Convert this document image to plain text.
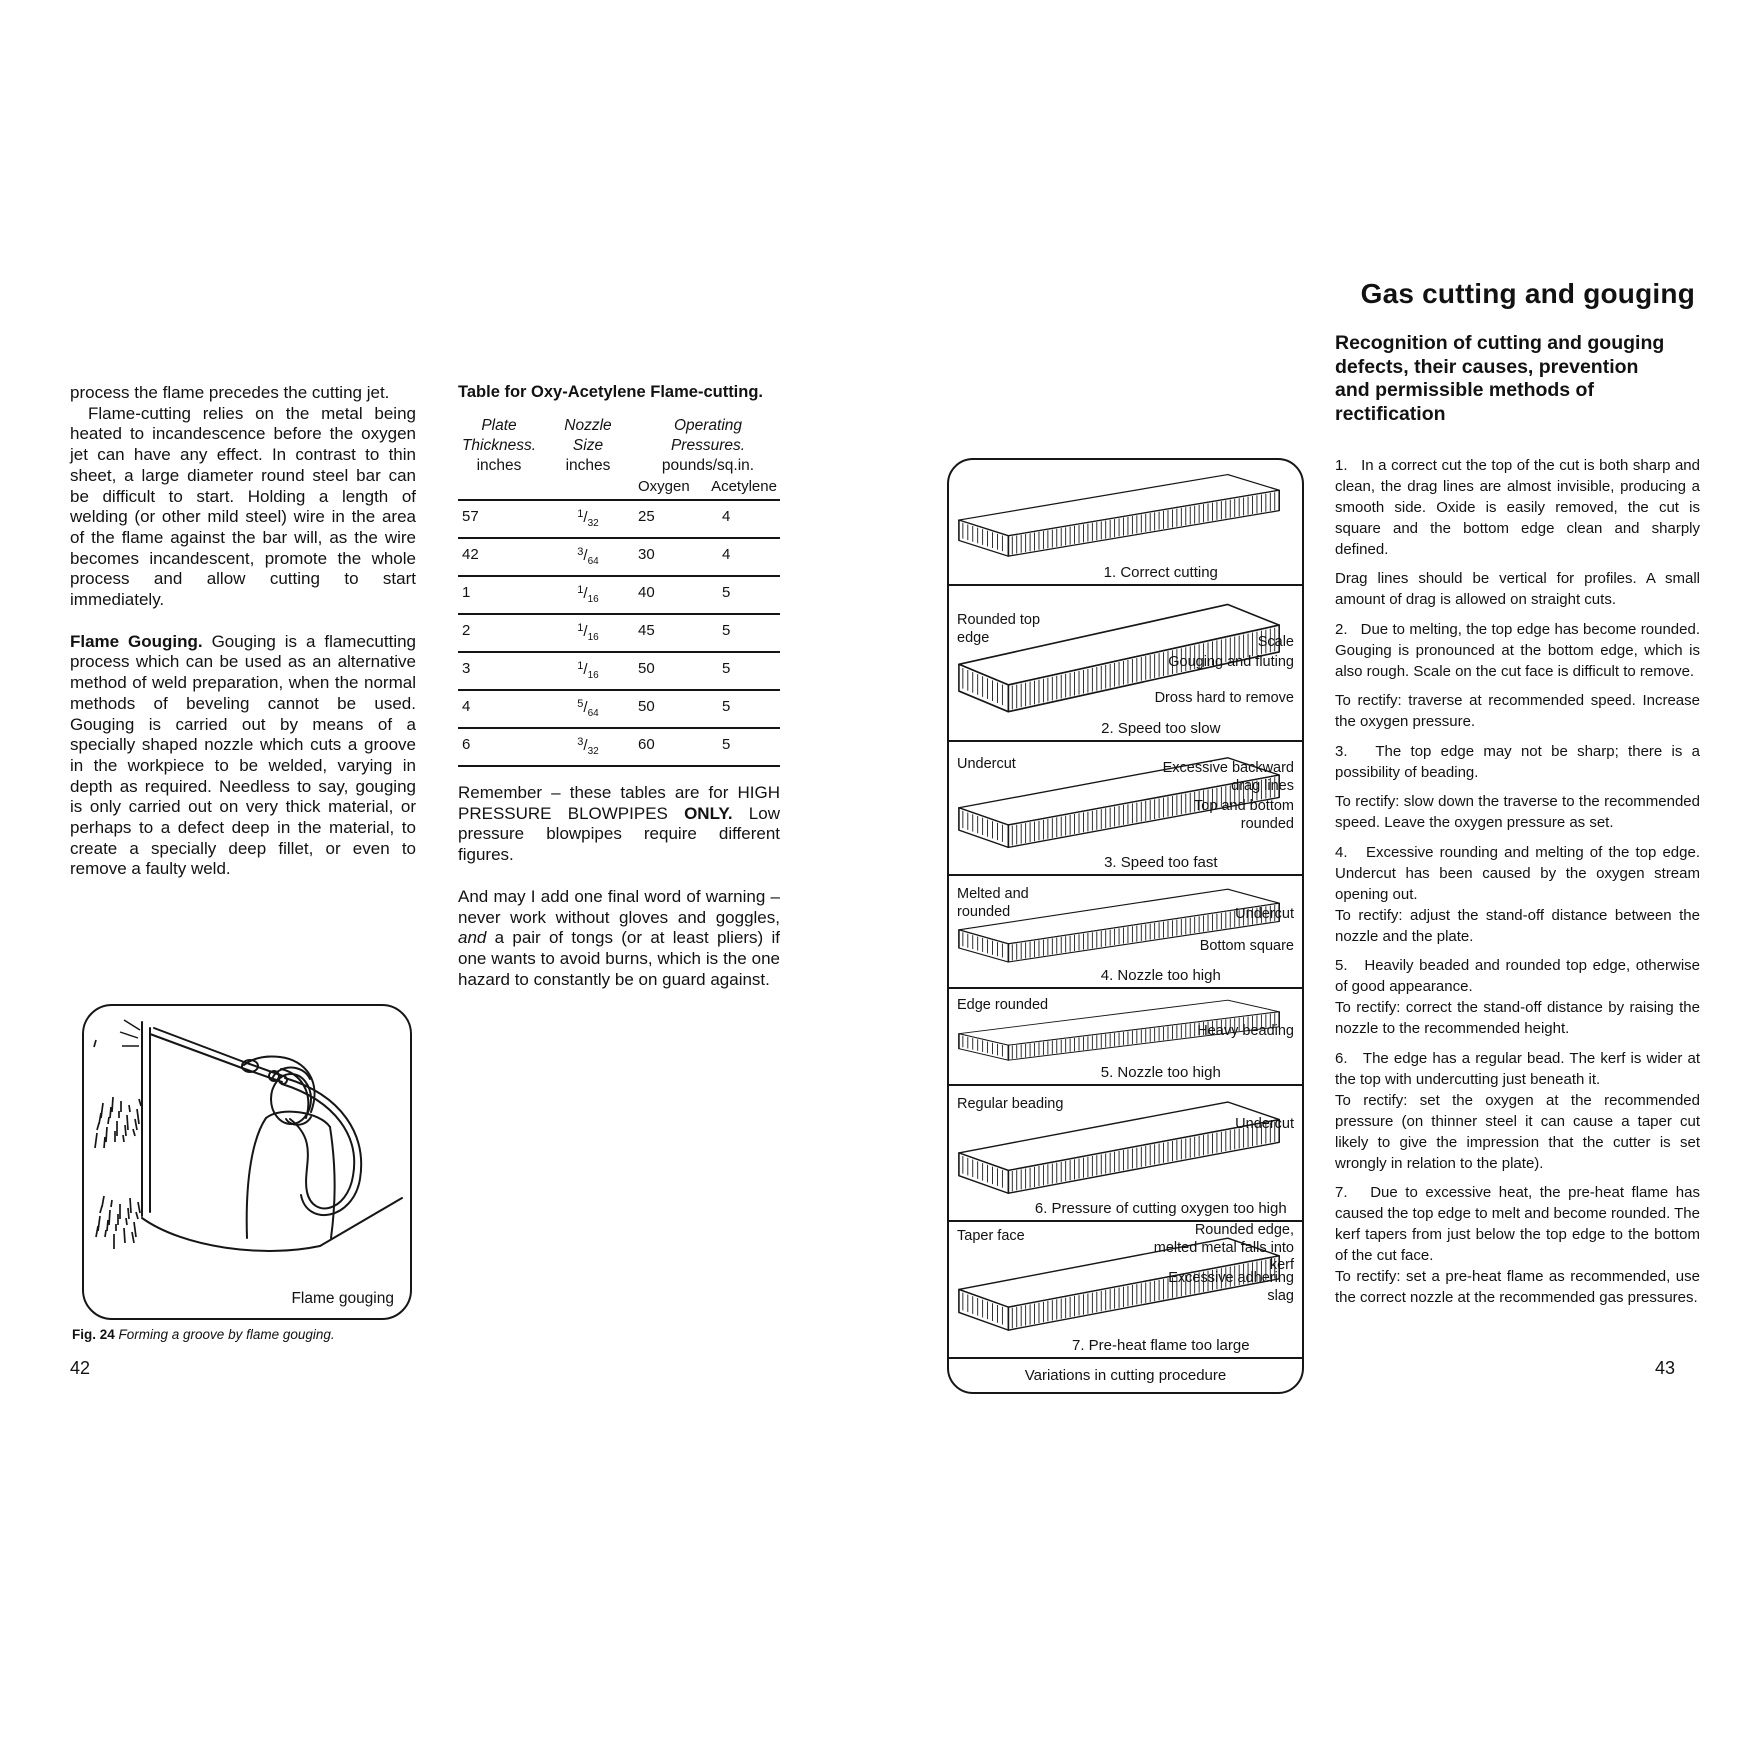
process the flame precedes the cutting jet.

Flame-cutting relies on the metal being heated to incandescence before the oxygen jet can have any effect. In contrast to thin sheet, a large diameter round steel bar can be difficult to start. Holding a length of welding (or other mild steel) wire in the area of the flame against the bar will, as the wire becomes incandescent, promote the whole process and allow cutting to start immediately.

Flame Gouging. Gouging is a flamecutting process which can be used as an alternative method of weld preparation, when the normal methods of beveling cannot be used. Gouging is carried out by means of a specially shaped nozzle which cuts a groove in the workpiece to be welded, varying in depth as required. Needless to say, gouging is only carried out on very thick material, or perhaps to a defect deep in the material, to create a specially deep fillet, or even to remove a faulty weld.

Table for Oxy-Acetylene Flame-cutting.

Plate	Nozzle	Operating
Thickness.	Size	Pressures.
inches	inches	pounds/sq.in.
Oxygen	Acetylene
57	$^1/_{32}$	25	4
42	$^3/_{64}$	30	4
1	$^1/_{16}$	40	5
2	$^1/_{16}$	45	5
3	$^1/_{16}$	50	5
4	$^5/_{64}$	50	5
6	$^3/_{32}$	60	5

Remember – these tables are for HIGH PRESSURE BLOWPIPES ONLY. Low pressure blowpipes require different figures.

And may I add one final word of warning – never work without gloves and goggles, and a pair of tongs (or at least pliers) if one wants to avoid burns, which is the one hazard to constantly be on guard against.

Flame gouging
Fig. 24 Forming a groove by flame gouging.
42
Gas cutting and gouging
Recognition of cutting and gouging defects, their causes, prevention and permissible methods of rectification

1.   In a correct cut the top of the cut is both sharp and clean, the drag lines are almost invisible, producing a smooth side. Oxide is easily removed, the cut is square and the bottom edge clean and sharply defined.

Drag lines should be vertical for profiles. A small amount of drag is allowed on straight cuts.

2.   Due to melting, the top edge has become rounded. Gouging is pronounced at the bottom edge, which is also rough. Scale on the cut face is difficult to remove.

To rectify: traverse at recommended speed. Increase the oxygen pressure.

3.   The top edge may not be sharp; there is a possibility of beading.

To rectify: slow down the traverse to the recommended speed. Leave the oxygen pressure as set.

4.   Excessive rounding and melting of the top edge. Undercut has been caused by the oxygen stream opening out.

To rectify: adjust the stand-off distance between the nozzle and the plate.

5.   Heavily beaded and rounded top edge, otherwise of good appearance.

To rectify: correct the stand-off distance by raising the nozzle to the recommended height.

6.   The edge has a regular bead. The kerf is wider at the top with undercutting just beneath it.

To rectify: set the oxygen at the recommended pressure (on thinner steel it can cause a taper cut likely to give the impression that the cutter is set wrongly in relation to the plate).

7.   Due to excessive heat, the pre-heat flame has caused the top edge to melt and become rounded. The kerf tapers from just below the top edge to the bottom of the cut face.

To rectify: set a pre-heat flame as recommended, use the correct nozzle at the recommended gas pressures.

1. Correct cutting
Rounded top edge	Scale
Gouging and fluting
Dross hard to remove
2. Speed too slow
Undercut	Excessive backward drag lines
Top and bottom rounded
3. Speed too fast
Melted and rounded	Undercut
Bottom square
4. Nozzle too high
Edge rounded
Heavy beading
5. Nozzle too high
Regular beading
Undercut
6. Pressure of cutting oxygen too high
Taper face	Rounded edge, melted metal falls into kerf
Excessive adhering slag
7. Pre-heat flame too large
Variations in cutting procedure	43
